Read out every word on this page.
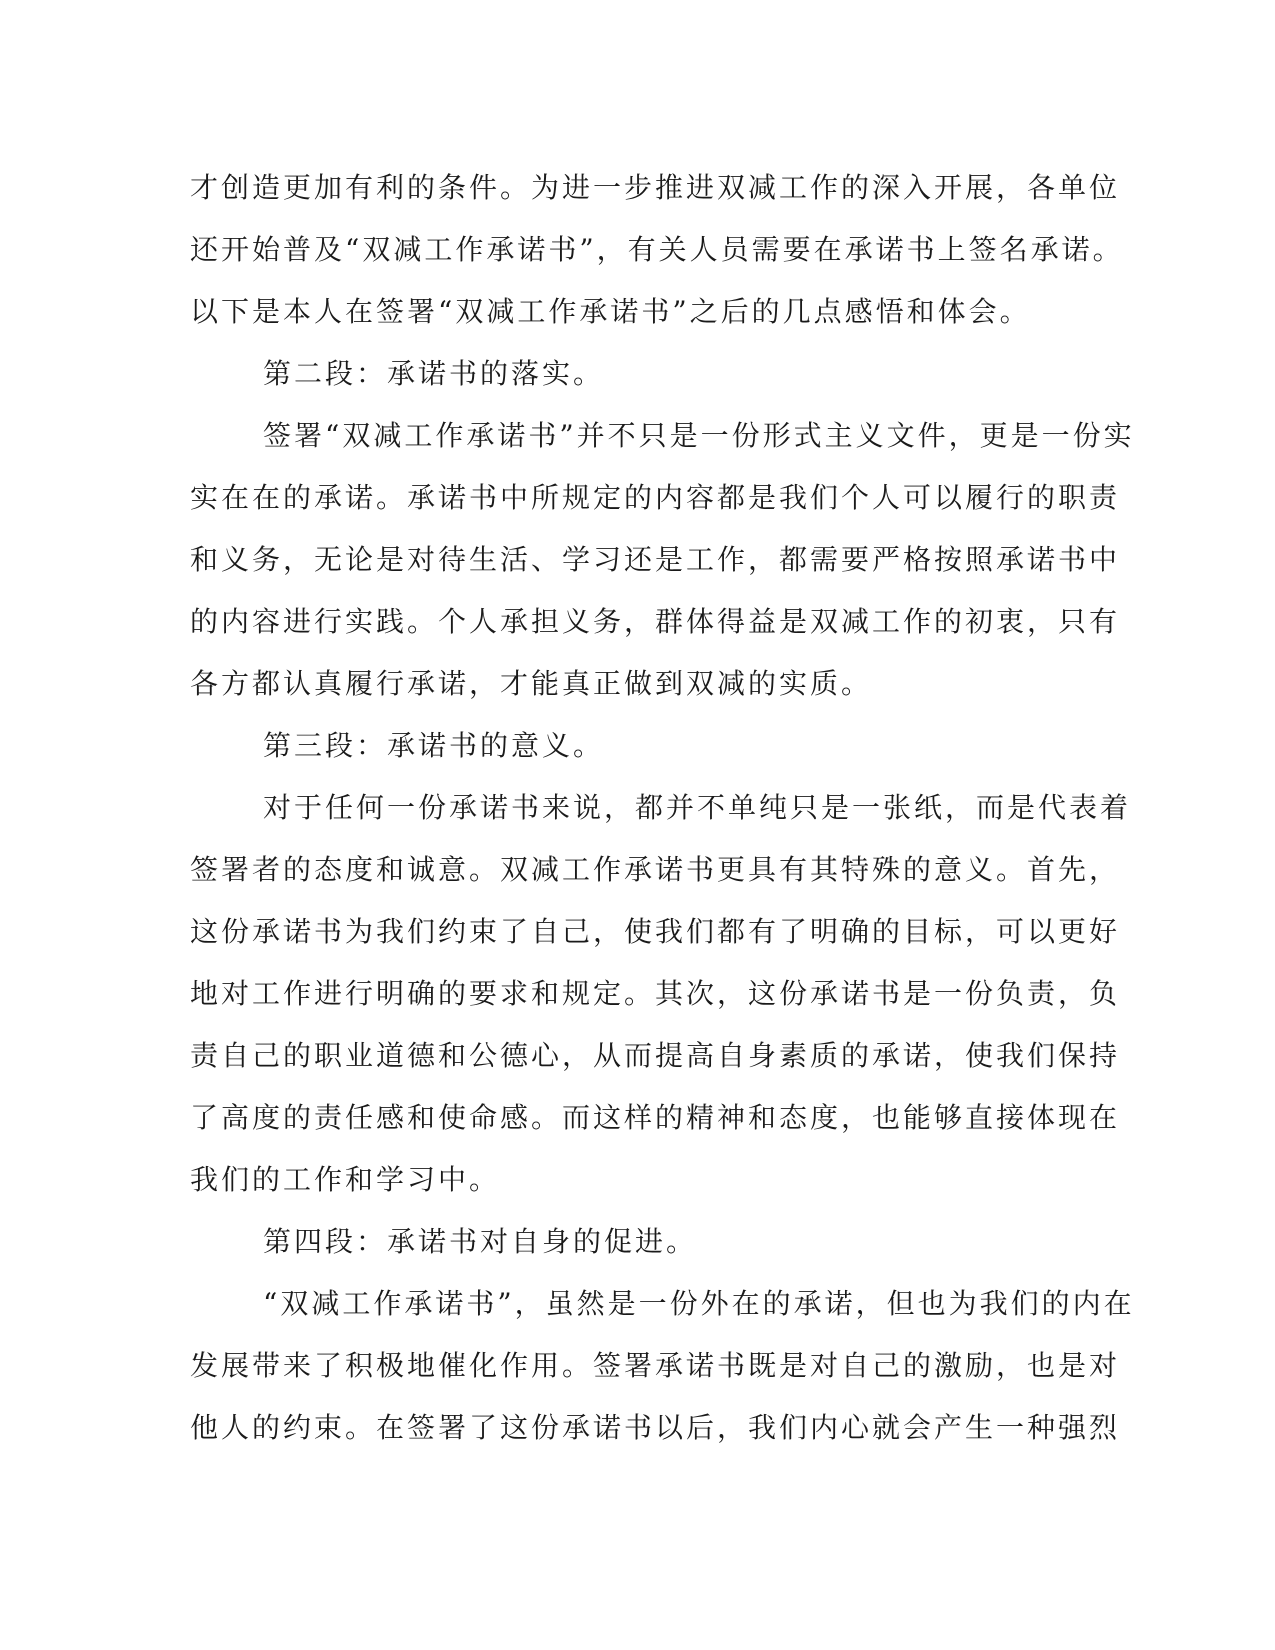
才创造更加有利的条件。为进一步推进双减工作的深入开展，各单位
还开始普及“双减工作承诺书”，有关人员需要在承诺书上签名承诺。
以下是本人在签署“双减工作承诺书”之后的几点感悟和体会。
第二段：承诺书的落实。
签署“双减工作承诺书”并不只是一份形式主义文件，更是一份实
实在在的承诺。承诺书中所规定的内容都是我们个人可以履行的职责
和义务，无论是对待生活、学习还是工作，都需要严格按照承诺书中
的内容进行实践。个人承担义务，群体得益是双减工作的初衷，只有
各方都认真履行承诺，才能真正做到双减的实质。
第三段：承诺书的意义。
对于任何一份承诺书来说，都并不单纯只是一张纸，而是代表着
签署者的态度和诚意。双减工作承诺书更具有其特殊的意义。首先，
这份承诺书为我们约束了自己，使我们都有了明确的目标，可以更好
地对工作进行明确的要求和规定。其次，这份承诺书是一份负责，负
责自己的职业道德和公德心，从而提高自身素质的承诺，使我们保持
了高度的责任感和使命感。而这样的精神和态度，也能够直接体现在
我们的工作和学习中。
第四段：承诺书对自身的促进。
“双减工作承诺书”，虽然是一份外在的承诺，但也为我们的内在
发展带来了积极地催化作用。签署承诺书既是对自己的激励，也是对
他人的约束。在签署了这份承诺书以后，我们内心就会产生一种强烈
